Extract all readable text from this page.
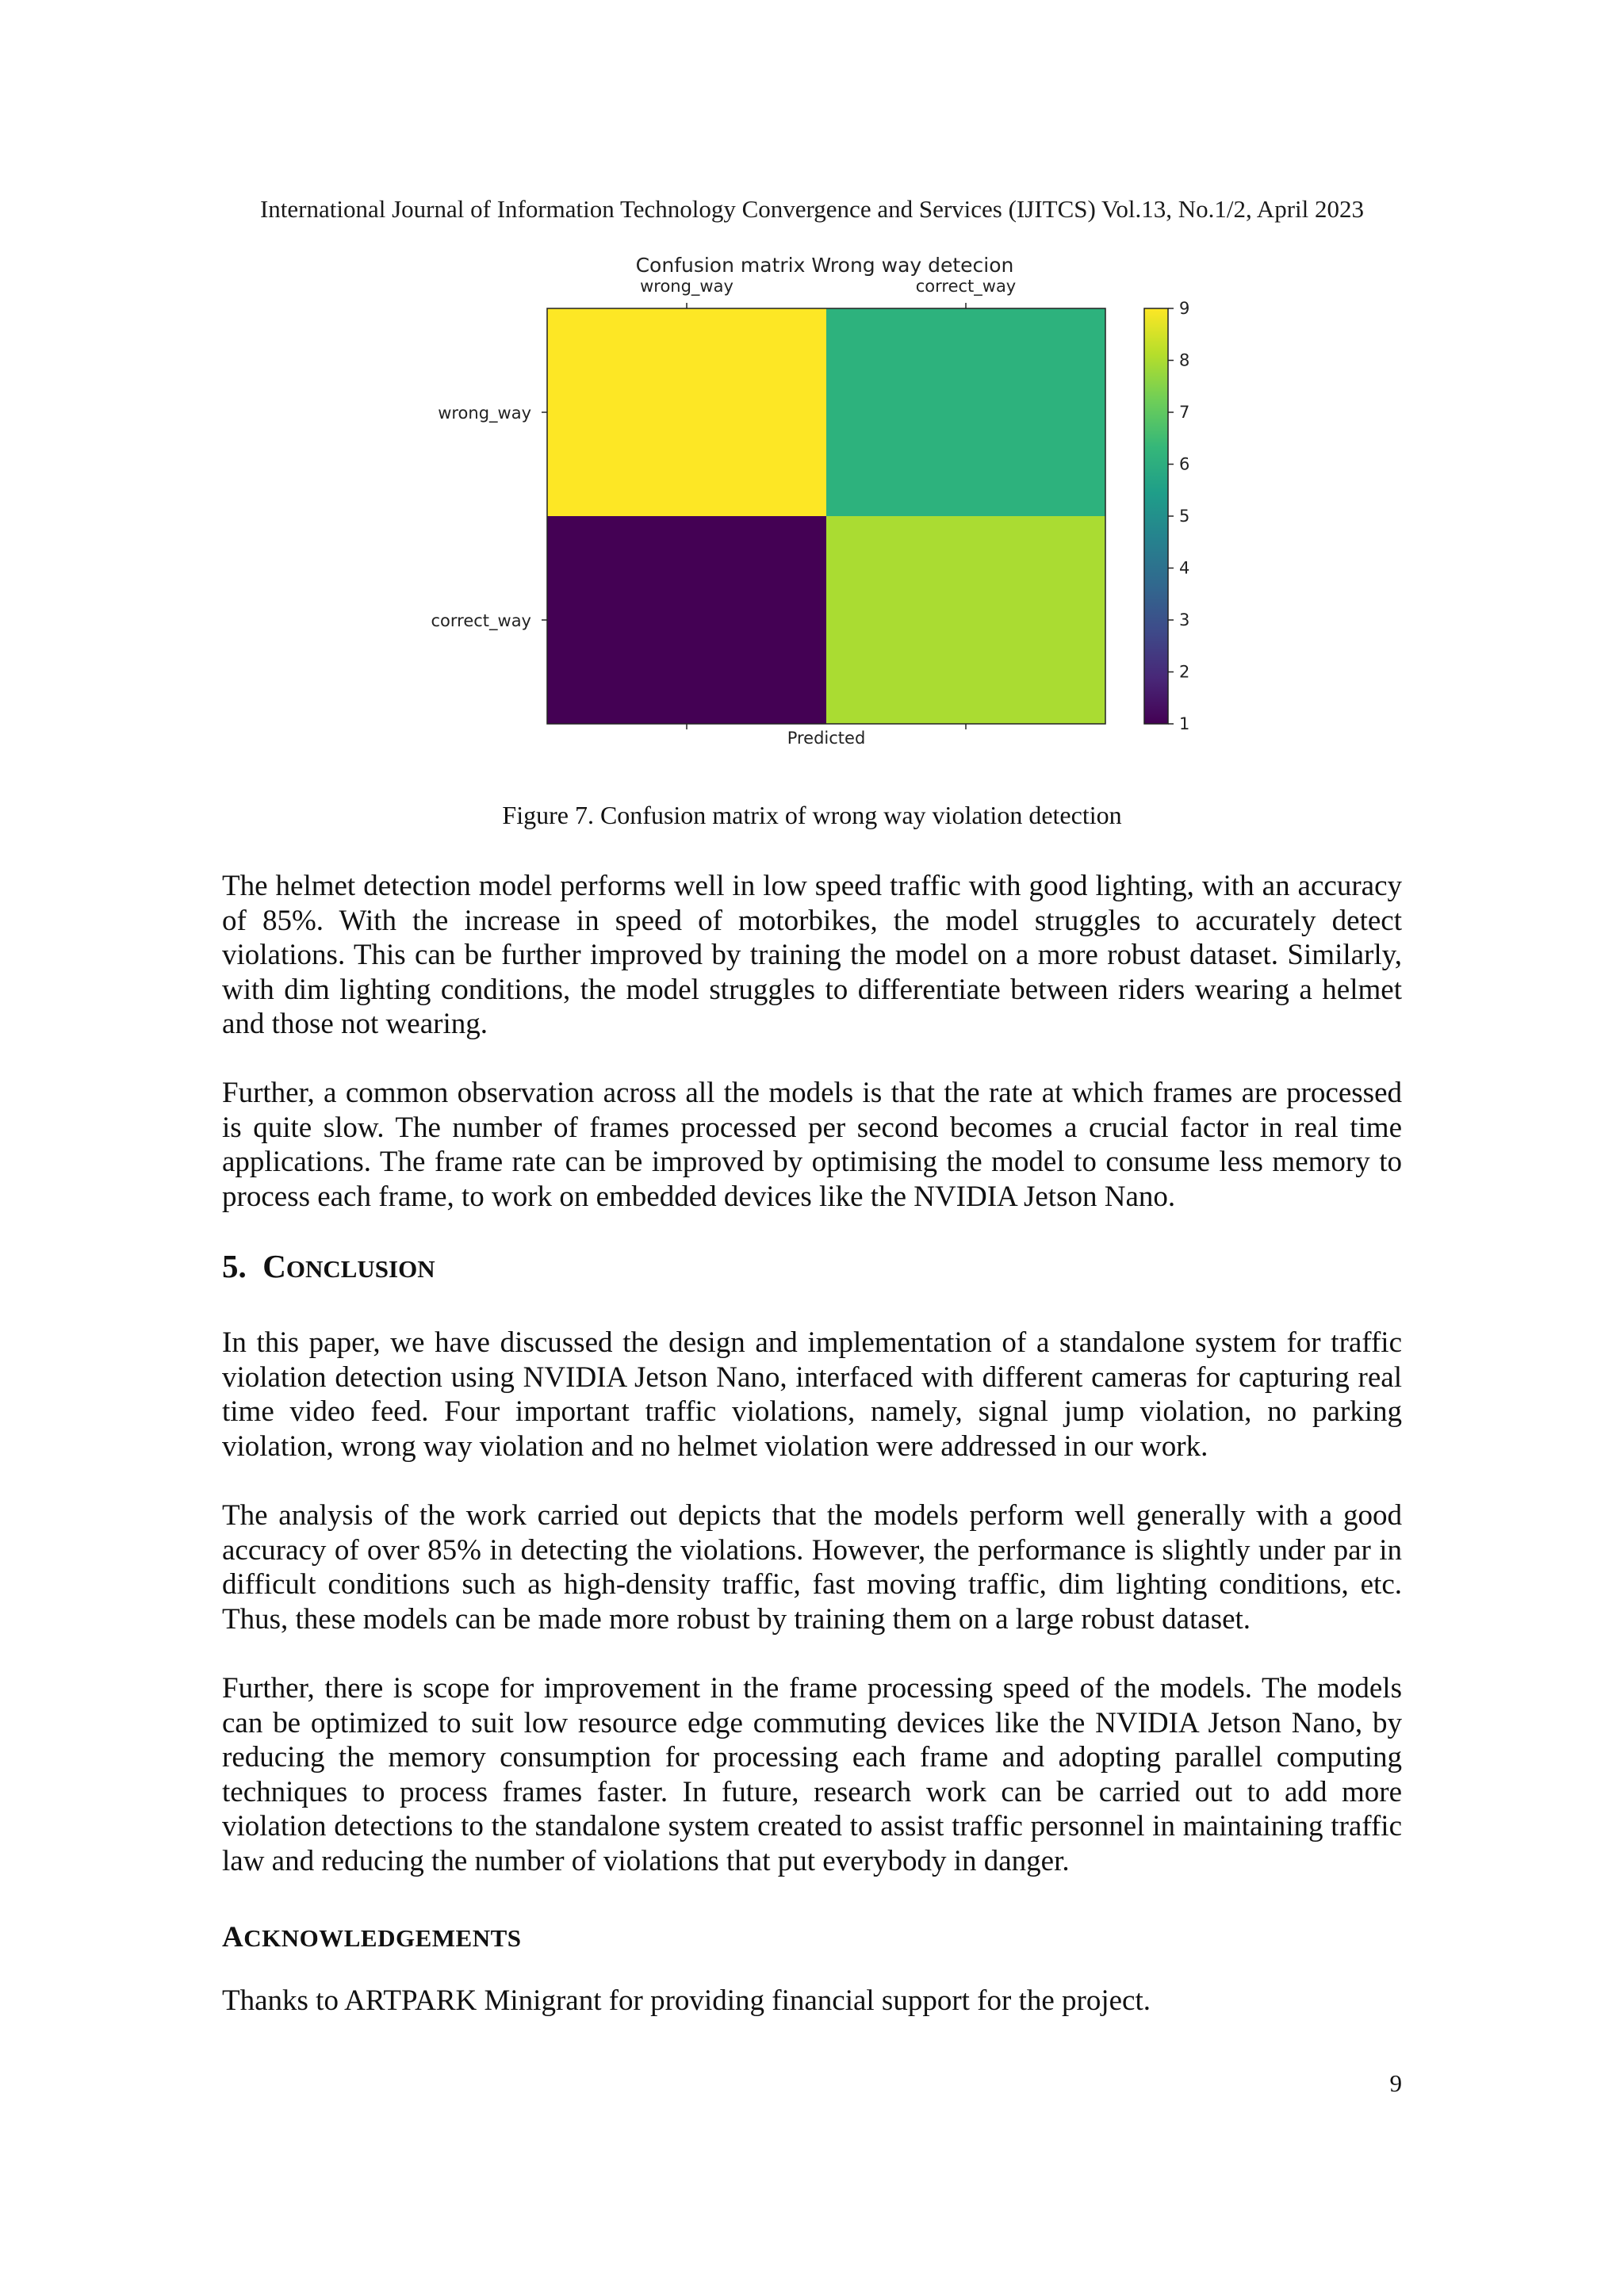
International Journal of Information Technology Convergence and Services (IJITCS) Vol.13, No.1/2, April 2023
Confusion matrix Wrong way detecion
wrong_way	correct_way
wrong_way
correct_way
Predicted
1
2
3
4
5
6
7
8
9
Figure 7. Confusion matrix of wrong way violation detection

The helmet detection model performs well in low speed traffic with good lighting, with an accuracy of 85%. With the increase in speed of motorbikes, the model struggles to accurately detect violations. This can be further improved by training the model on a more robust dataset. Similarly, with dim lighting conditions, the model struggles to differentiate between riders wearing a helmet and those not wearing.

Further, a common observation across all the models is that the rate at which frames are processed is quite slow. The number of frames processed per second becomes a crucial factor in real time applications. The frame rate can be improved by optimising the model to consume less memory to process each frame, to work on embedded devices like the NVIDIA Jetson Nano.

5. CONCLUSION

In this paper, we have discussed the design and implementation of a standalone system for traffic violation detection using NVIDIA Jetson Nano, interfaced with different cameras for capturing real time video feed. Four important traffic violations, namely, signal jump violation, no parking violation, wrong way violation and no helmet violation were addressed in our work.

The analysis of the work carried out depicts that the models perform well generally with a good accuracy of over 85% in detecting the violations. However, the performance is slightly under par in difficult conditions such as high-density traffic, fast moving traffic, dim lighting conditions, etc. Thus, these models can be made more robust by training them on a large robust dataset.

Further, there is scope for improvement in the frame processing speed of the models. The models can be optimized to suit low resource edge commuting devices like the NVIDIA Jetson Nano, by reducing the memory consumption for processing each frame and adopting parallel computing techniques to process frames faster. In future, research work can be carried out to add more violation detections to the standalone system created to assist traffic personnel in maintaining traffic law and reducing the number of violations that put everybody in danger.

ACKNOWLEDGEMENTS

Thanks to ARTPARK Minigrant for providing financial support for the project.

9
